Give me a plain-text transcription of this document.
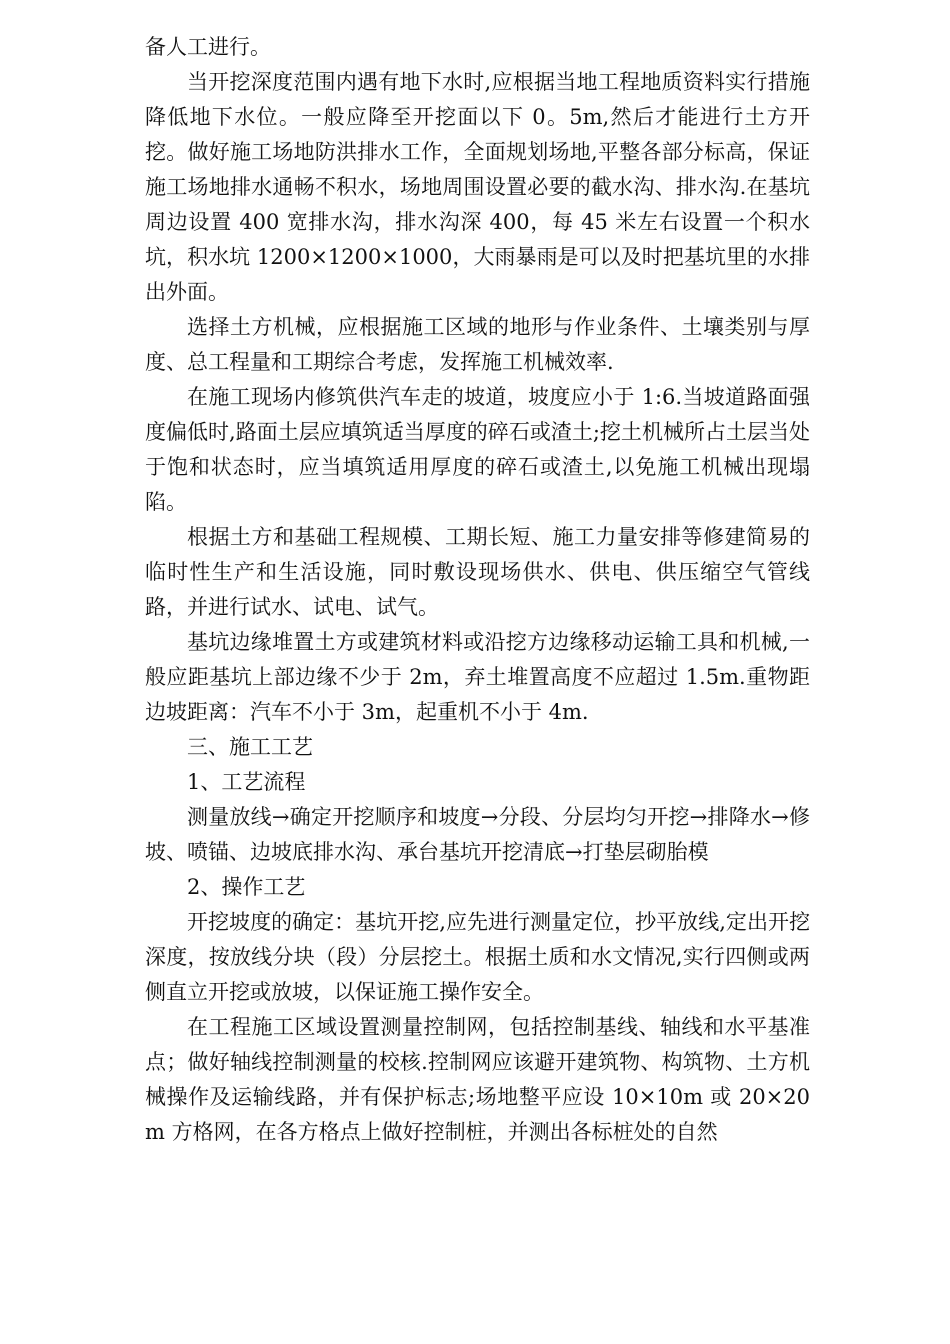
备人工进行。

当开挖深度范围内遇有地下水时,应根据当地工程地质资料实行措施降低地下水位。一般应降至开挖面以下 0。5m,然后才能进行土方开挖。做好施工场地防洪排水工作，全面规划场地,平整各部分标高，保证施工场地排水通畅不积水，场地周围设置必要的截水沟、排水沟.在基坑周边设置 400 宽排水沟，排水沟深 400，每 45 米左右设置一个积水坑，积水坑 1200×1200×1000，大雨暴雨是可以及时把基坑里的水排出外面。

选择土方机械，应根据施工区域的地形与作业条件、土壤类别与厚度、总工程量和工期综合考虑，发挥施工机械效率.

在施工现场内修筑供汽车走的坡道，坡度应小于 1:6.当坡道路面强度偏低时,路面土层应填筑适当厚度的碎石或渣土;挖土机械所占土层当处于饱和状态时，应当填筑适用厚度的碎石或渣土,以免施工机械出现塌陷。

根据土方和基础工程规模、工期长短、施工力量安排等修建简易的临时性生产和生活设施，同时敷设现场供水、供电、供压缩空气管线路，并进行试水、试电、试气。

基坑边缘堆置土方或建筑材料或沿挖方边缘移动运输工具和机械,一般应距基坑上部边缘不少于 2m，弃土堆置高度不应超过 1.5m.重物距边坡距离：汽车不小于 3m，起重机不小于 4m.

三、施工工艺

1、工艺流程

测量放线→确定开挖顺序和坡度→分段、分层均匀开挖→排降水→修坡、喷锚、边坡底排水沟、承台基坑开挖清底→打垫层砌胎模

2、操作工艺

开挖坡度的确定：基坑开挖,应先进行测量定位，抄平放线,定出开挖深度，按放线分块（段）分层挖土。根据土质和水文情况,实行四侧或两侧直立开挖或放坡，以保证施工操作安全。

在工程施工区域设置测量控制网，包括控制基线、轴线和水平基准点；做好轴线控制测量的校核.控制网应该避开建筑物、构筑物、土方机械操作及运输线路，并有保护标志;场地整平应设 10×10m 或 20×20m 方格网，在各方格点上做好控制桩，并测出各标桩处的自然
